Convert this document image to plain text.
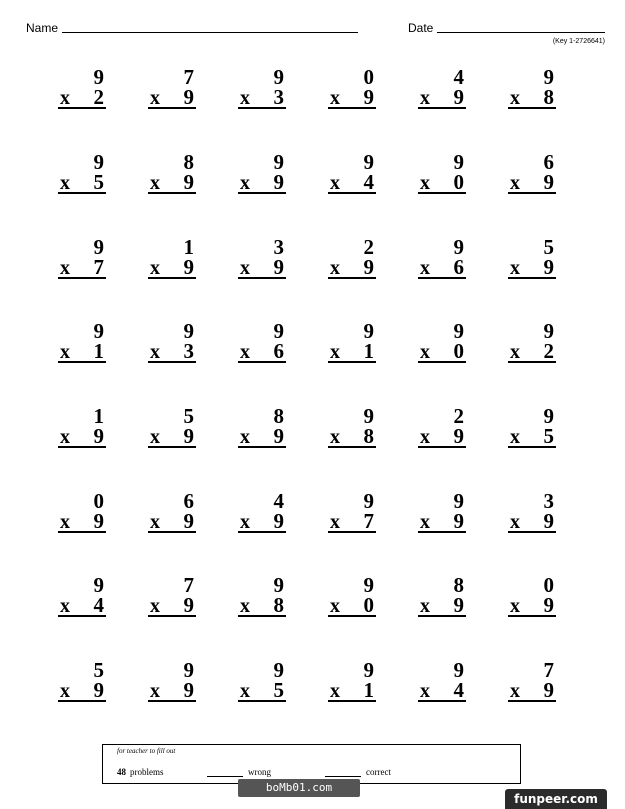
Name	Date
(Key 1-2726641)
9
x 2
7
x 9
9
x 3
0
x 9
4
x 9
9
x 8
9
x 5
8
x 9
9
x 9
9
x 4
9
x 0
6
x 9
9
x 7
1
x 9
3
x 9
2
x 9
9
x 6
5
x 9
9
x 1
9
x 3
9
x 6
9
x 1
9
x 0
9
x 2
1
x 9
5
x 9
8
x 9
9
x 8
2
x 9
9
x 5
0
x 9
6
x 9
4
x 9
9
x 7
9
x 9
3
x 9
9
x 4
7
x 9
9
x 8
9
x 0
8
x 9
0
x 9
5
x 9
9
x 9
9
x 5
9
x 1
9
x 4
7
x 9
for teacher to fill out
48 problems	wrong	correct
boMb01.com
funpeer.com
